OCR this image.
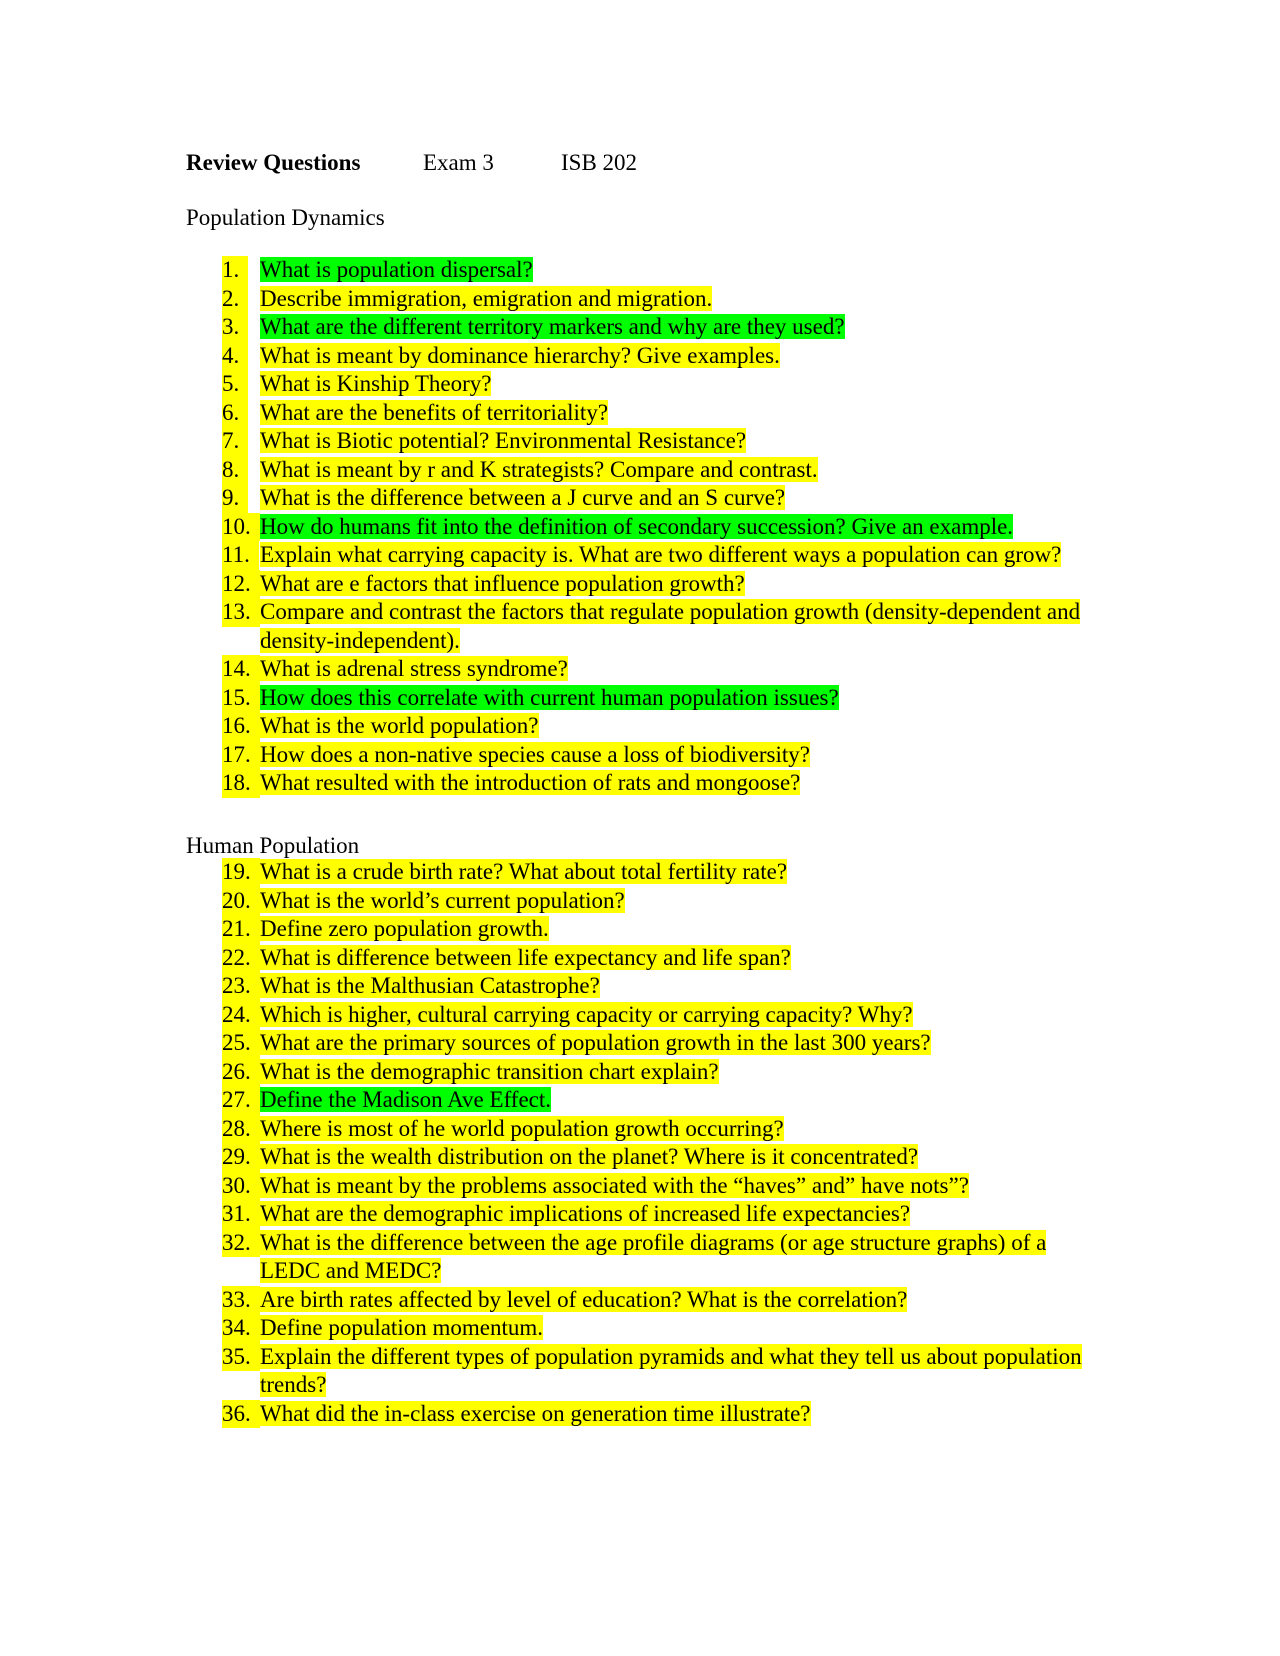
Review Questions	Exam 3	ISB 202
Population Dynamics
1. What is population dispersal?
2. Describe immigration, emigration and migration.
3. What are the different territory markers and why are they used?
4. What is meant by dominance hierarchy? Give examples.
5. What is Kinship Theory?
6. What are the benefits of territoriality?
7. What is Biotic potential? Environmental Resistance?
8. What is meant by r and K strategists? Compare and contrast.
9. What is the difference between a J curve and an S curve?
10. How do humans fit into the definition of secondary succession? Give an example.
11. Explain what carrying capacity is. What are two different ways a population can grow?
12. What are e factors that influence population growth?
13. Compare and contrast the factors that regulate population growth (density-dependent and density-independent).
14. What is adrenal stress syndrome?
15. How does this correlate with current human population issues?
16. What is the world population?
17. How does a non-native species cause a loss of biodiversity?
18. What resulted with the introduction of rats and mongoose?
Human Population
19. What is a crude birth rate? What about total fertility rate?
20. What is the world’s current population?
21. Define zero population growth.
22. What is difference between life expectancy and life span?
23. What is the Malthusian Catastrophe?
24. Which is higher, cultural carrying capacity or carrying capacity? Why?
25. What are the primary sources of population growth in the last 300 years?
26. What is the demographic transition chart explain?
27. Define the Madison Ave Effect.
28. Where is most of he world population growth occurring?
29. What is the wealth distribution on the planet? Where is it concentrated?
30. What is meant by the problems associated with the “haves” and” have nots”?
31. What are the demographic implications of increased life expectancies?
32. What is the difference between the age profile diagrams (or age structure graphs) of a LEDC and MEDC?
33. Are birth rates affected by level of education? What is the correlation?
34. Define population momentum.
35. Explain the different types of population pyramids and what they tell us about population trends?
36. What did the in-class exercise on generation time illustrate?
